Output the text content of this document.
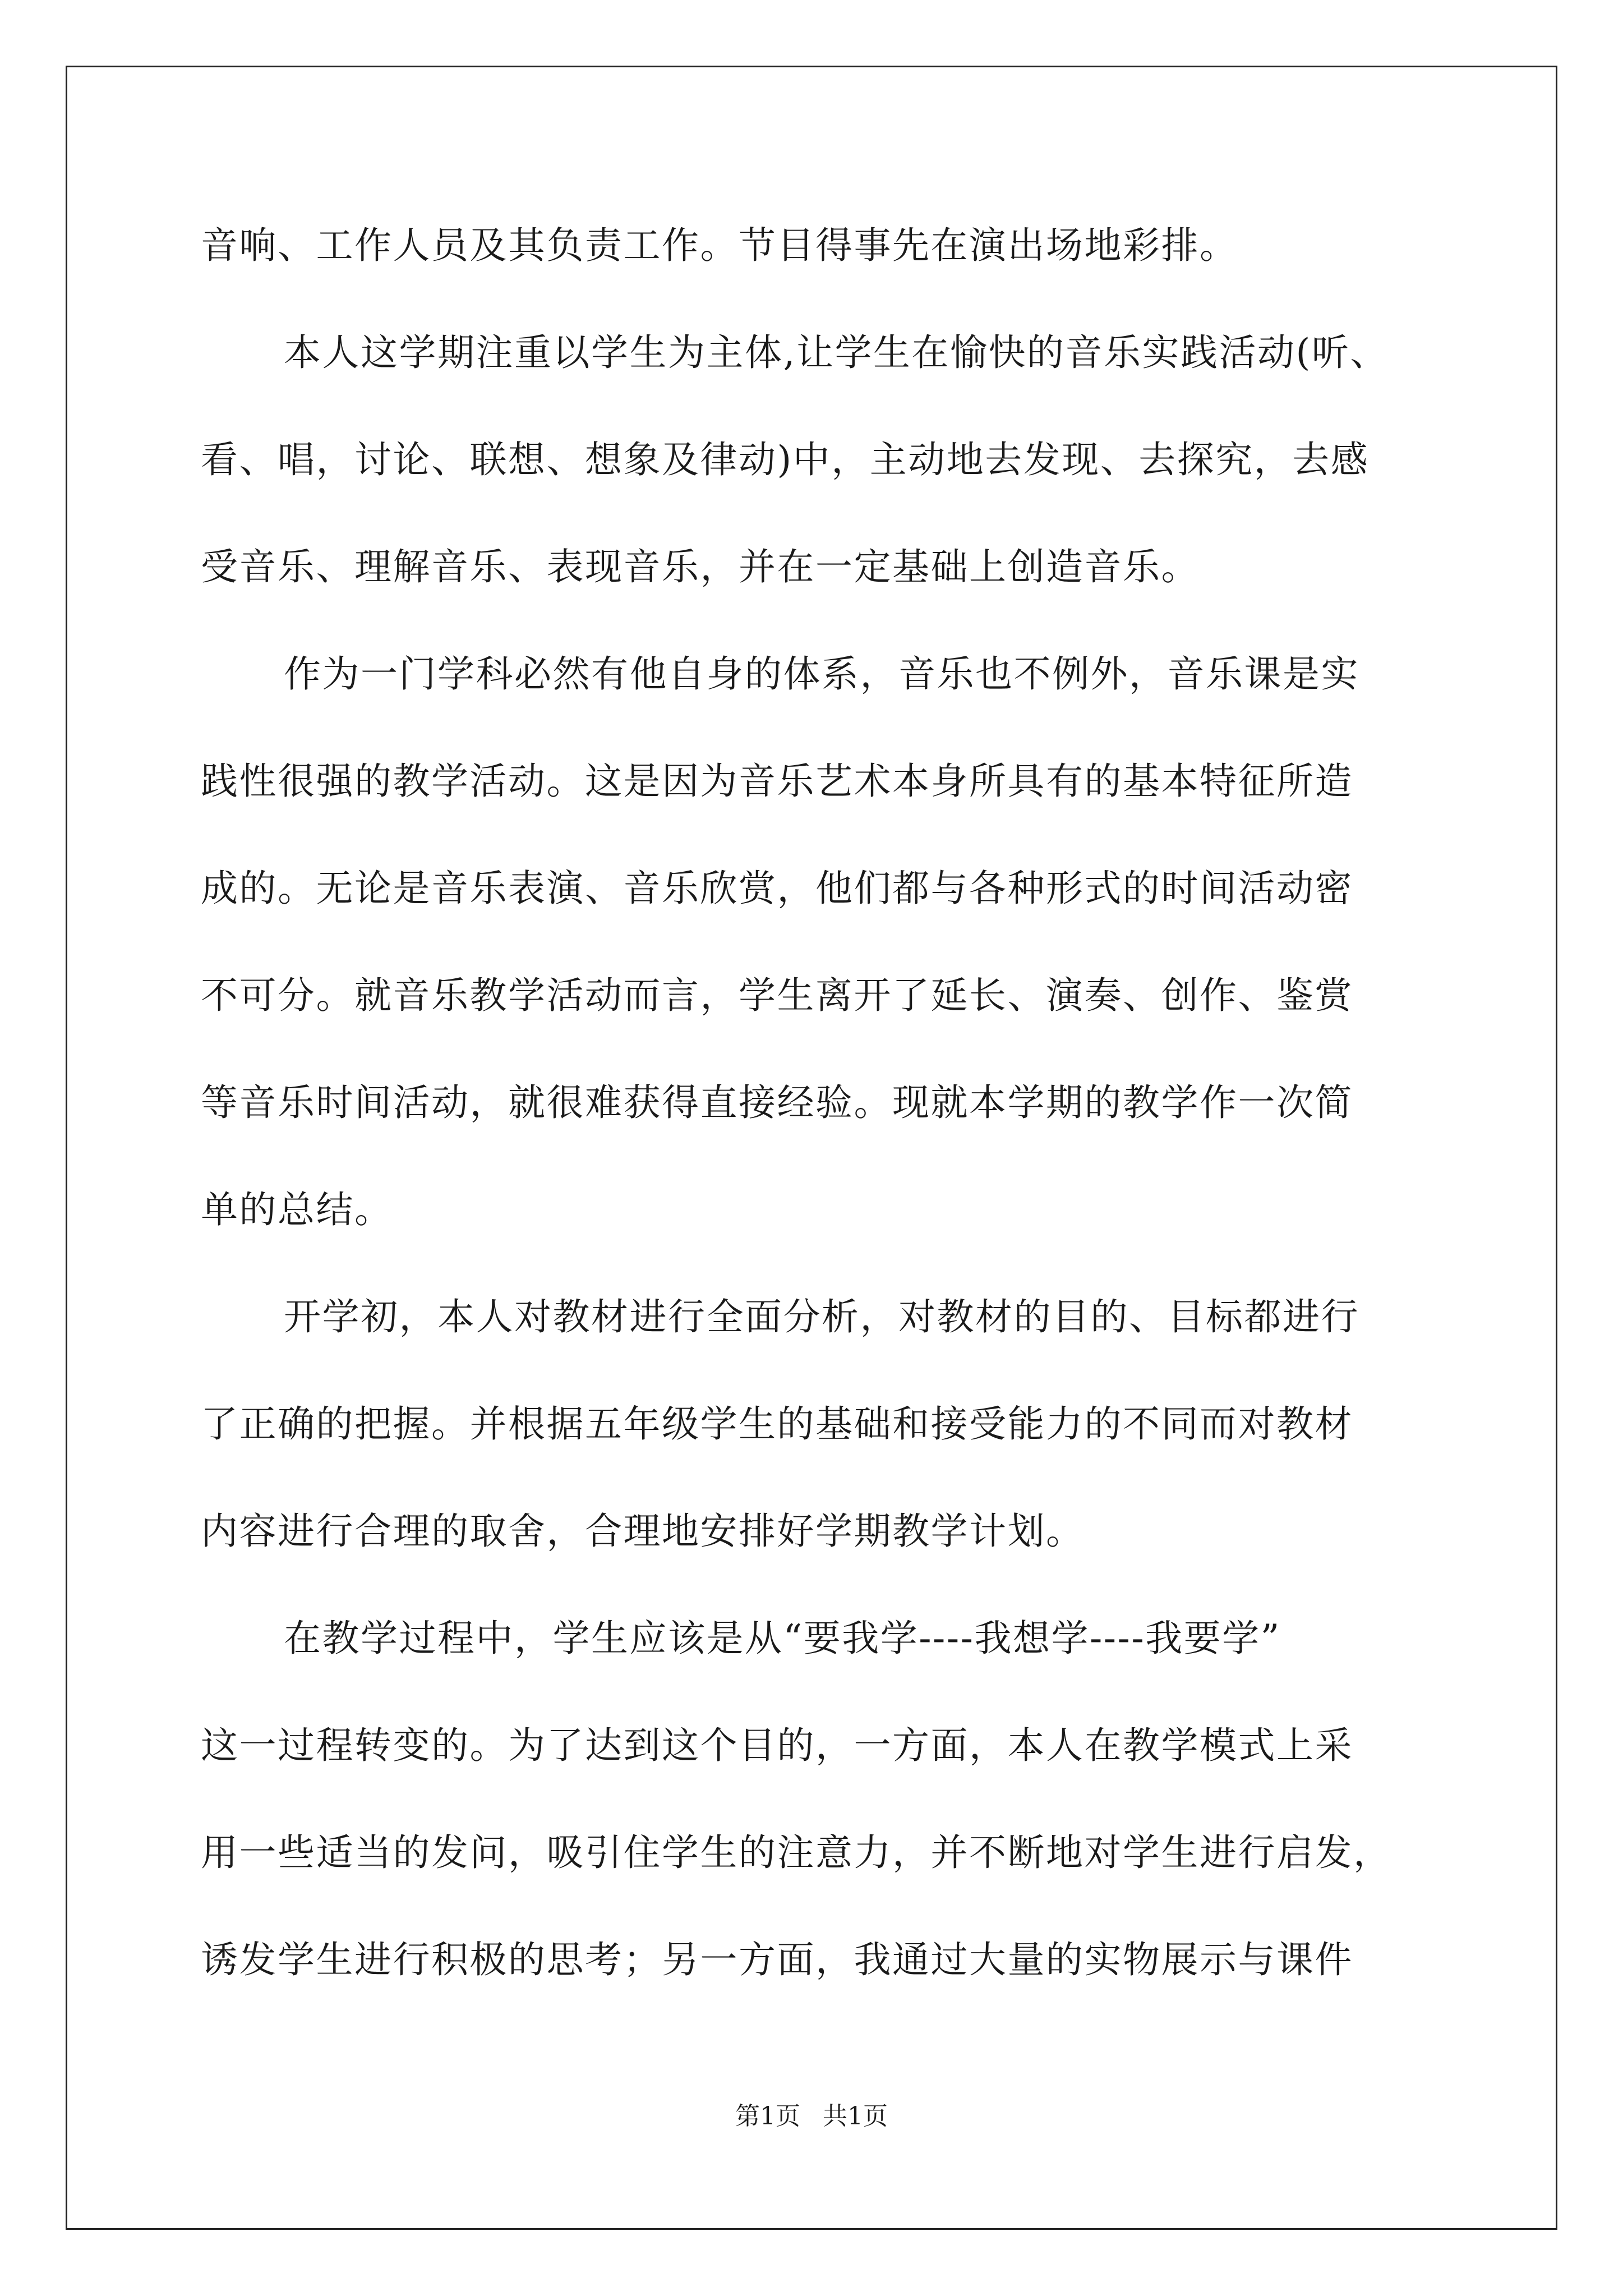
音响、工作人员及其负责工作。节目得事先在演出场地彩排。
本人这学期注重以学生为主体,让学生在愉快的音乐实践活动(听、
看、唱，讨论、联想、想象及律动)中，主动地去发现、去探究，去感
受音乐、理解音乐、表现音乐，并在一定基础上创造音乐。
作为一门学科必然有他自身的体系，音乐也不例外，音乐课是实
践性很强的教学活动。这是因为音乐艺术本身所具有的基本特征所造
成的。无论是音乐表演、音乐欣赏，他们都与各种形式的时间活动密
不可分。就音乐教学活动而言，学生离开了延长、演奏、创作、鉴赏
等音乐时间活动，就很难获得直接经验。现就本学期的教学作一次简
单的总结。
开学初，本人对教材进行全面分析，对教材的目的、目标都进行
了正确的把握。并根据五年级学生的基础和接受能力的不同而对教材
内容进行合理的取舍，合理地安排好学期教学计划。
在教学过程中，学生应该是从“要我学----我想学----我要学”
这一过程转变的。为了达到这个目的，一方面，本人在教学模式上采
用一些适当的发问，吸引住学生的注意力，并不断地对学生进行启发，
诱发学生进行积极的思考；另一方面，我通过大量的实物展示与课件
第1页 共1页
